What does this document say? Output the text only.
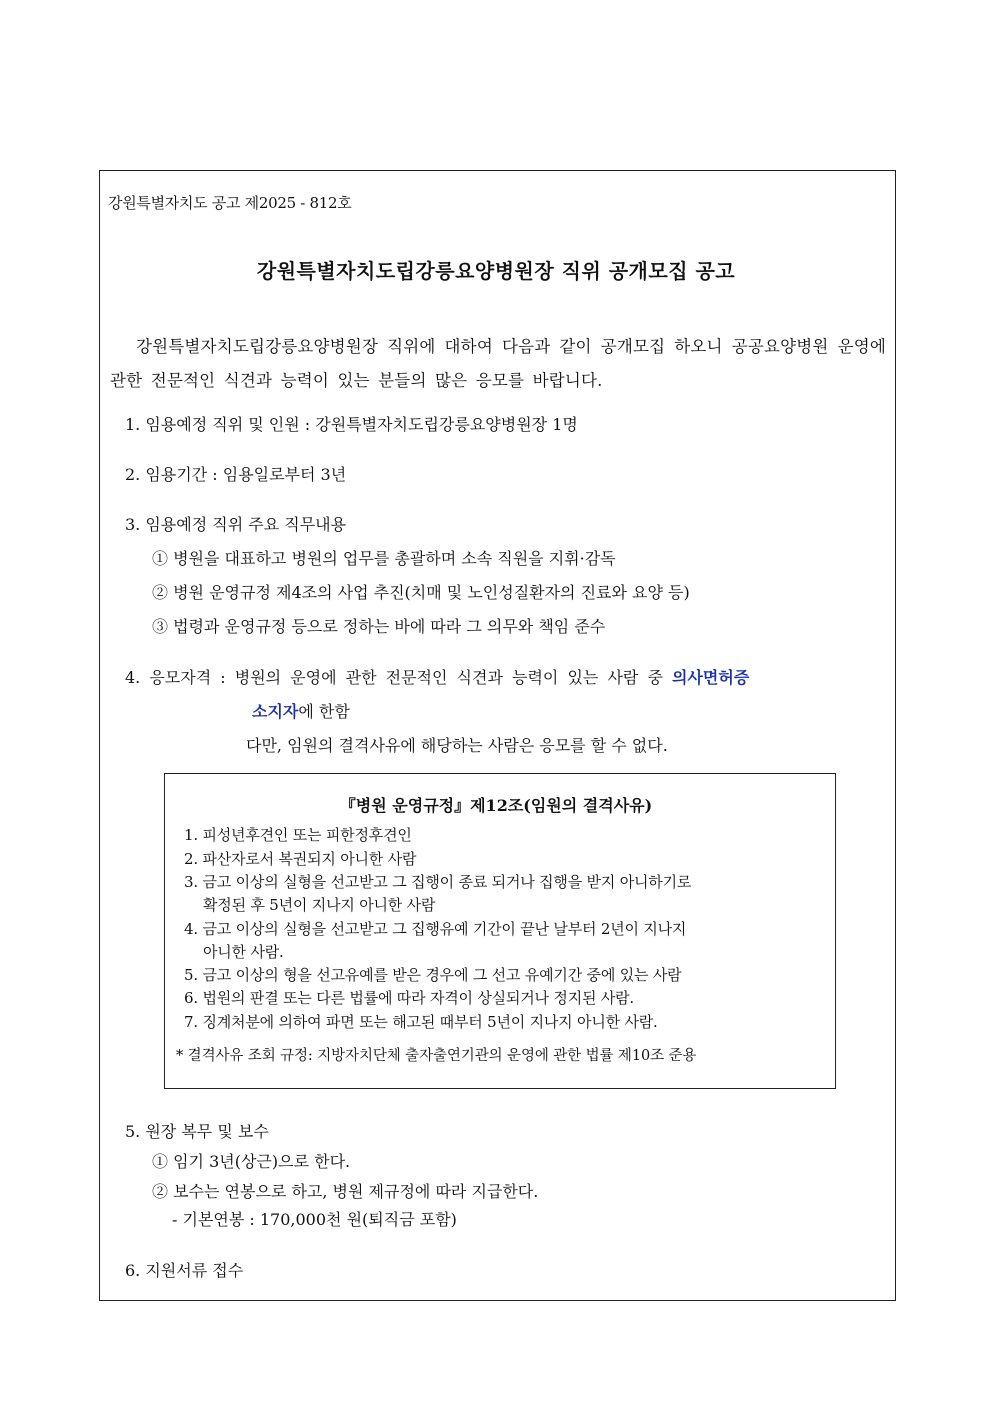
강원특별자치도 공고 제2025 - 812호
강원특별자치도립강릉요양병원장 직위 공개모집 공고
강원특별자치도립강릉요양병원장 직위에 대하여 다음과 같이 공개모집 하오니 공공요양병원 운영에 관한 전문적인 식견과 능력이 있는 분들의 많은 응모를 바랍니다.
1. 임용예정 직위 및 인원 : 강원특별자치도립강릉요양병원장 1명
2. 임용기간 : 임용일로부터 3년
3. 임용예정 직위 주요 직무내용
① 병원을 대표하고 병원의 업무를 총괄하며 소속 직원을 지휘·감독
② 병원 운영규정 제4조의 사업 추진(치매 및 노인성질환자의 진료와 요양 등)
③ 법령과 운영규정 등으로 정하는 바에 따라 그 의무와 책임 준수
4. 응모자격 : 병원의 운영에 관한 전문적인 식견과 능력이 있는 사람 중 의사면허증
소지자에 한함
다만, 임원의 결격사유에 해당하는 사람은 응모를 할 수 없다.
『병원 운영규정』제12조(임원의 결격사유)
1. 피성년후견인 또는 피한정후견인
2. 파산자로서 복권되지 아니한 사람
3. 금고 이상의 실형을 선고받고 그 집행이 종료 되거나 집행을 받지 아니하기로
확정된 후 5년이 지나지 아니한 사람
4. 금고 이상의 실형을 선고받고 그 집행유예 기간이 끝난 날부터 2년이 지나지
아니한 사람.
5. 금고 이상의 형을 선고유예를 받은 경우에 그 선고 유예기간 중에 있는 사람
6. 법원의 판결 또는 다른 법률에 따라 자격이 상실되거나 정지된 사람.
7. 징계처분에 의하여 파면 또는 해고된 때부터 5년이 지나지 아니한 사람.
* 결격사유 조회 규정: 지방자치단체 출자출연기관의 운영에 관한 법률 제10조 준용
5. 원장 복무 및 보수
① 임기 3년(상근)으로 한다.
② 보수는 연봉으로 하고, 병원 제규정에 따라 지급한다.
- 기본연봉 : 170,000천 원(퇴직금 포함)
6. 지원서류 접수
